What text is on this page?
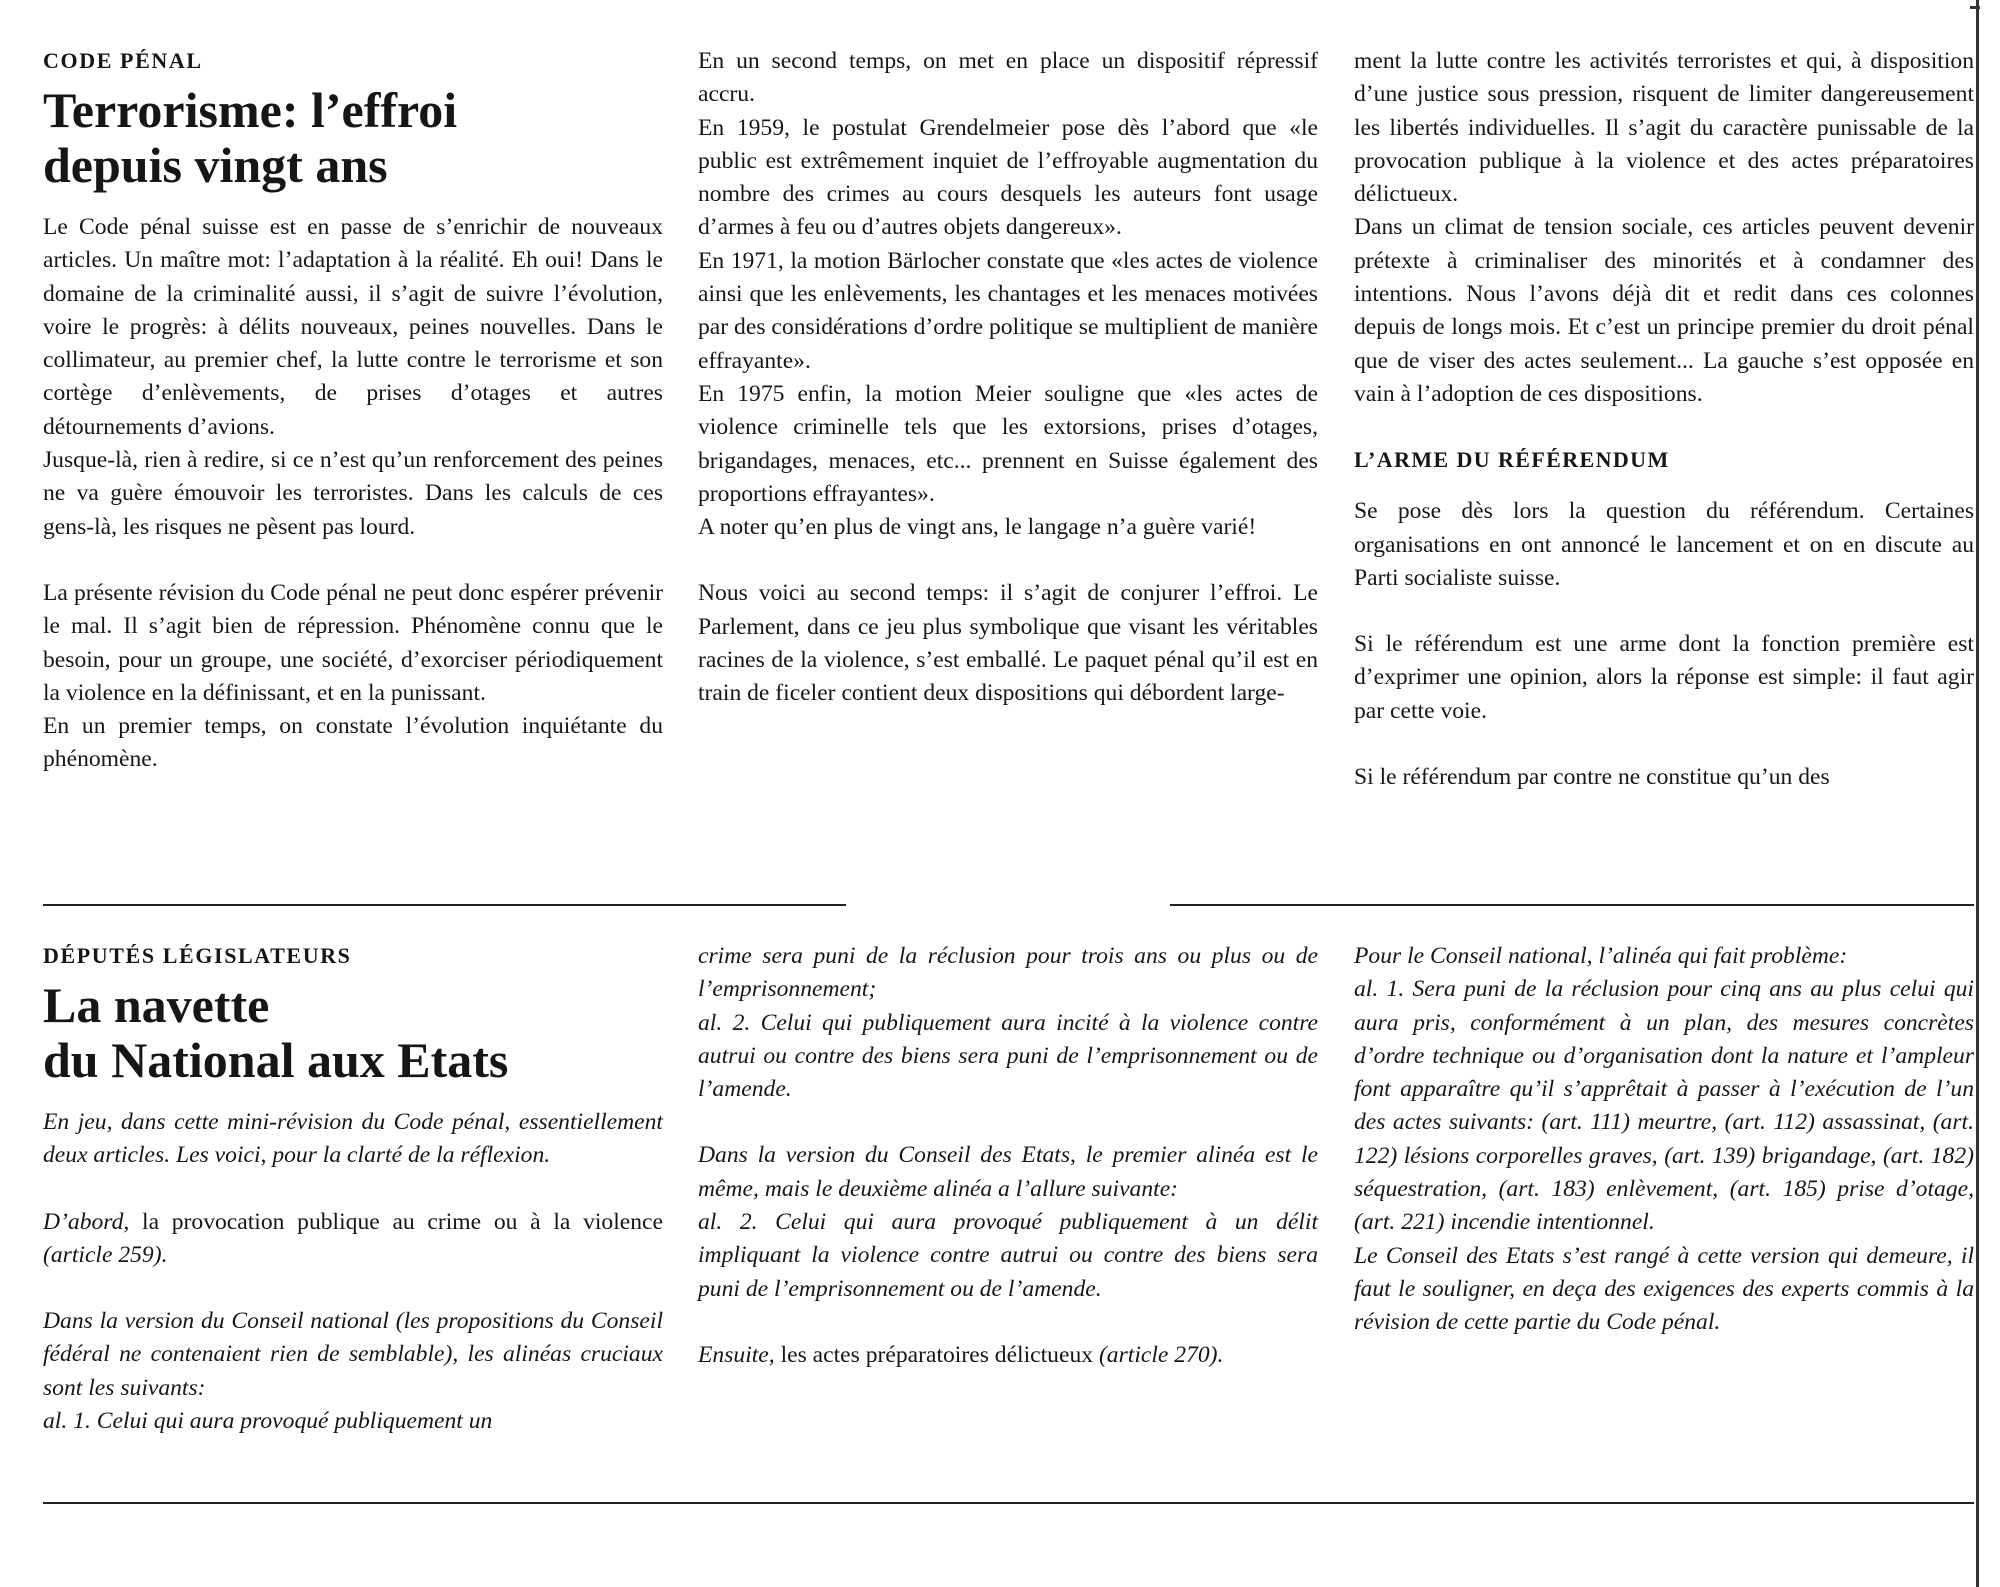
CODE PÉNAL

Terrorisme: l’effroi
depuis vingt ans

Le Code pénal suisse est en passe de s’enrichir de nouveaux articles. Un maître mot: l’adaptation à la réalité. Eh oui! Dans le domaine de la criminalité aussi, il s’agit de suivre l’évolution, voire le progrès: à délits nouveaux, peines nouvelles. Dans le collimateur, au premier chef, la lutte contre le terrorisme et son cortège d’enlèvements, de prises d’otages et autres détournements d’avions.

Jusque-là, rien à redire, si ce n’est qu’un renforcement des peines ne va guère émouvoir les terroristes. Dans les calculs de ces gens-là, les risques ne pèsent pas lourd.

La présente révision du Code pénal ne peut donc espérer prévenir le mal. Il s’agit bien de répression. Phénomène connu que le besoin, pour un groupe, une société, d’exorciser périodiquement la violence en la définissant, et en la punissant.

En un premier temps, on constate l’évolution inquiétante du phénomène.

En un second temps, on met en place un dispositif répressif accru.

En 1959, le postulat Grendelmeier pose dès l’abord que «le public est extrêmement inquiet de l’effroyable augmentation du nombre des crimes au cours desquels les auteurs font usage d’armes à feu ou d’autres objets dangereux».

En 1971, la motion Bärlocher constate que «les actes de violence ainsi que les enlèvements, les chantages et les menaces motivées par des considérations d’ordre politique se multiplient de manière effrayante».

En 1975 enfin, la motion Meier souligne que «les actes de violence criminelle tels que les extorsions, prises d’otages, brigandages, menaces, etc... prennent en Suisse également des proportions effrayantes».

A noter qu’en plus de vingt ans, le langage n’a guère varié!

Nous voici au second temps: il s’agit de conjurer l’effroi. Le Parlement, dans ce jeu plus symbolique que visant les véritables racines de la violence, s’est emballé. Le paquet pénal qu’il est en train de ficeler contient deux dispositions qui débordent large-

ment la lutte contre les activités terroristes et qui, à disposition d’une justice sous pression, risquent de limiter dangereusement les libertés individuelles. Il s’agit du caractère punissable de la provocation publique à la violence et des actes préparatoires délictueux.

Dans un climat de tension sociale, ces articles peuvent devenir prétexte à criminaliser des minorités et à condamner des intentions. Nous l’avons déjà dit et redit dans ces colonnes depuis de longs mois. Et c’est un principe premier du droit pénal que de viser des actes seulement... La gauche s’est opposée en vain à l’adoption de ces dispositions.

L’ARME DU RÉFÉRENDUM

Se pose dès lors la question du référendum. Certaines organisations en ont annoncé le lancement et on en discute au Parti socialiste suisse.

Si le référendum est une arme dont la fonction première est d’exprimer une opinion, alors la réponse est simple: il faut agir par cette voie.

Si le référendum par contre ne constitue qu’un des

DÉPUTÉS LÉGISLATEURS

La navette
du National aux Etats

En jeu, dans cette mini-révision du Code pénal, essentiellement deux articles. Les voici, pour la clarté de la réflexion.

D’abord, la provocation publique au crime ou à la violence (article 259).

Dans la version du Conseil national (les propositions du Conseil fédéral ne contenaient rien de semblable), les alinéas cruciaux sont les suivants:

al. 1. Celui qui aura provoqué publiquement un

crime sera puni de la réclusion pour trois ans ou plus ou de l’emprisonnement;

al. 2. Celui qui publiquement aura incité à la violence contre autrui ou contre des biens sera puni de l’emprisonnement ou de l’amende.

Dans la version du Conseil des Etats, le premier alinéa est le même, mais le deuxième alinéa a l’allure suivante:

al. 2. Celui qui aura provoqué publiquement à un délit impliquant la violence contre autrui ou contre des biens sera puni de l’emprisonnement ou de l’amende.

Ensuite, les actes préparatoires délictueux (article 270).

Pour le Conseil national, l’alinéa qui fait problème:

al. 1. Sera puni de la réclusion pour cinq ans au plus celui qui aura pris, conformément à un plan, des mesures concrètes d’ordre technique ou d’organisation dont la nature et l’ampleur font apparaître qu’il s’apprêtait à passer à l’exécution de l’un des actes suivants: (art. 111) meurtre, (art. 112) assassinat, (art. 122) lésions corporelles graves, (art. 139) brigandage, (art. 182) séquestration, (art. 183) enlèvement, (art. 185) prise d’otage, (art. 221) incendie intentionnel.

Le Conseil des Etats s’est rangé à cette version qui demeure, il faut le souligner, en deça des exigences des experts commis à la révision de cette partie du Code pénal.
